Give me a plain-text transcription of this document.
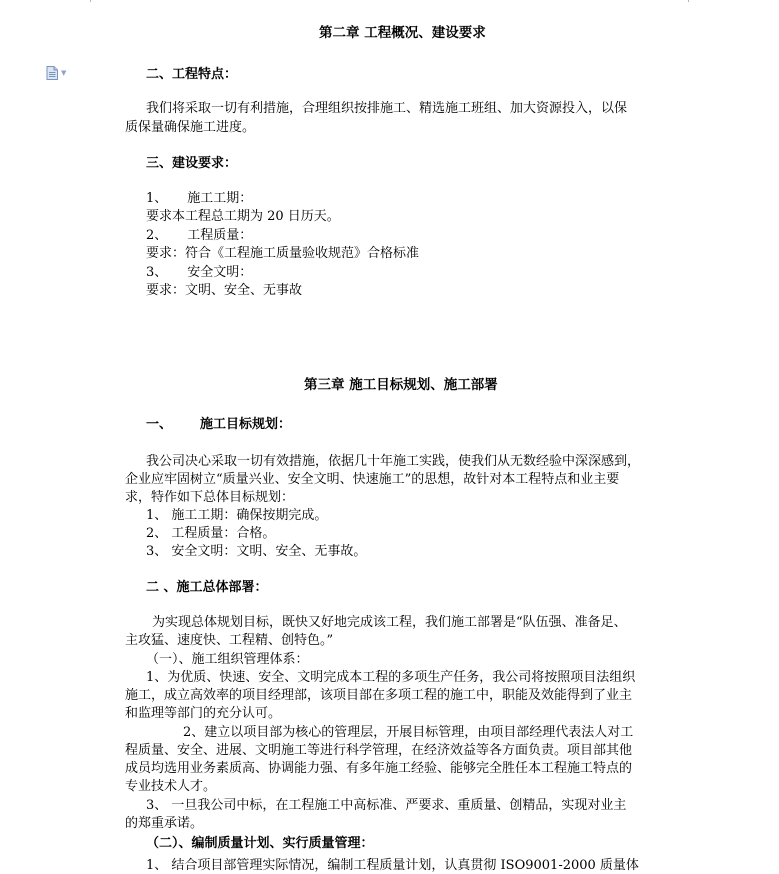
▼
第二章 工程概况、建设要求
二、工程特点：
我们将采取一切有利措施，合理组织按排施工、精选施工班组、加大资源投入，以保
质保量确保施工进度。
三、建设要求：
1、 施工工期：
要求本工程总工期为 20 日历天。
2、 工程质量：
要求：符合《工程施工质量验收规范》合格标准
3、 安全文明：
要求：文明、安全、无事故
第三章 施工目标规划、施工部署
一、 施工目标规划：
我公司决心采取一切有效措施，依据几十年施工实践，使我们从无数经验中深深感到，
企业应牢固树立“质量兴业、安全文明、快速施工”的思想，故针对本工程特点和业主要
求，特作如下总体目标规划：
1、 施工工期：确保按期完成。
2、 工程质量：合格。
3、 安全文明：文明、安全、无事故。
二 、施工总体部署：
为实现总体规划目标，既快又好地完成该工程，我们施工部署是“队伍强、准备足、
主攻猛、速度快、工程精、创特色。”
（一）、施工组织管理体系：
1、为优质、快速、安全、文明完成本工程的多项生产任务，我公司将按照项目法组织
施工，成立高效率的项目经理部，该项目部在多项工程的施工中，职能及效能得到了业主
和监理等部门的充分认可。
2、建立以项目部为核心的管理层，开展目标管理，由项目部经理代表法人对工
程质量、安全、进展、文明施工等进行科学管理，在经济效益等各方面负责。项目部其他
成员均选用业务素质高、协调能力强、有多年施工经验、能够完全胜任本工程施工特点的
专业技术人才。
3、 一旦我公司中标，在工程施工中高标准、严要求、重质量、创精品，实现对业主
的郑重承诺。
（二）、编制质量计划、实行质量管理：
1、 结合项目部管理实际情况，编制工程质量计划，认真贯彻 ISO9001-2000 质量体
